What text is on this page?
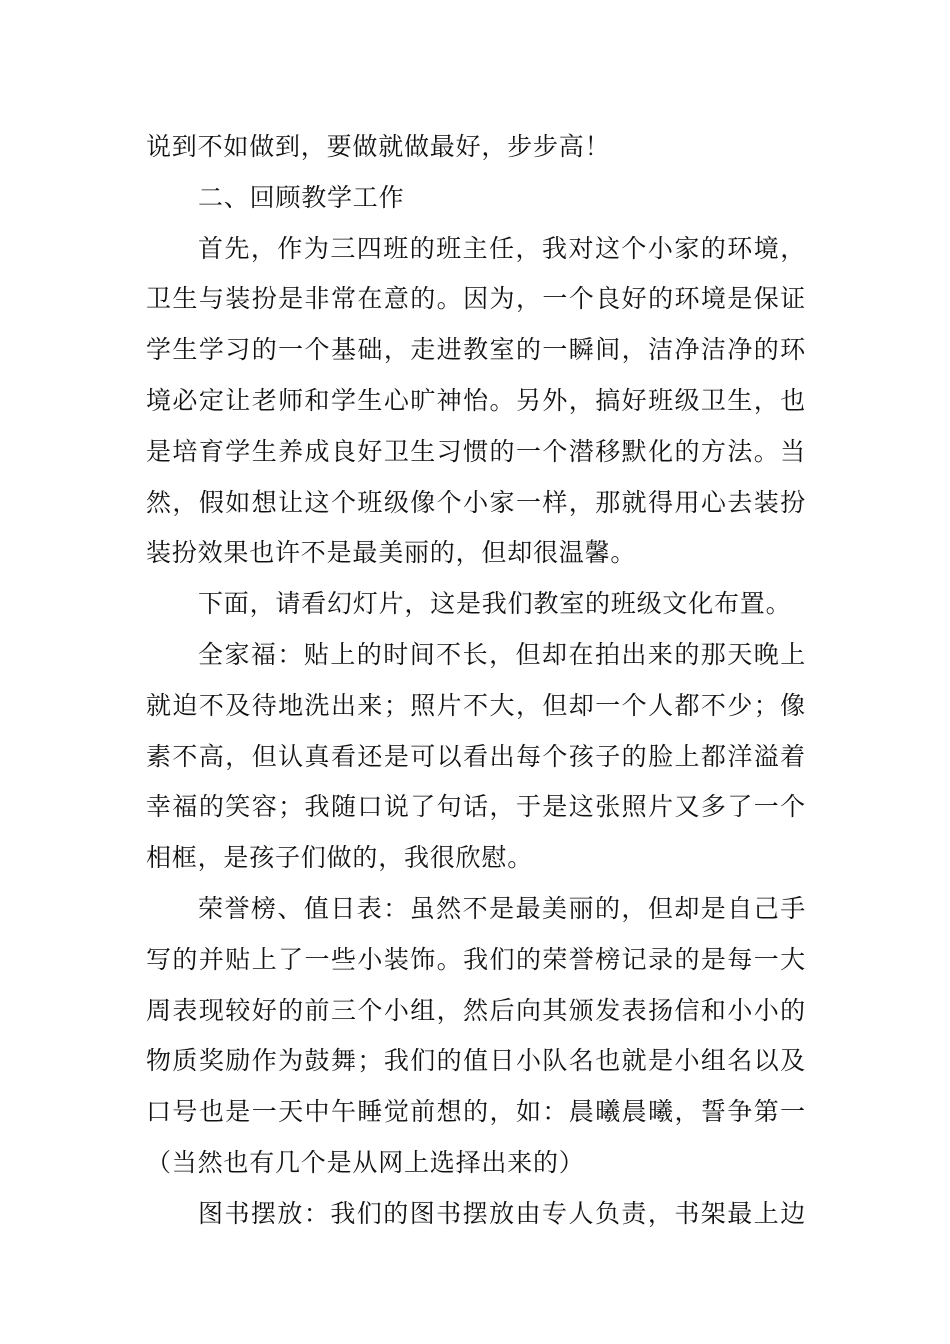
说到不如做到，要做就做最好，步步高！
二、回顾教学工作
首先，作为三四班的班主任，我对这个小家的环境，
卫生与装扮是非常在意的。因为，一个良好的环境是保证
学生学习的一个基础，走进教室的一瞬间，洁净洁净的环
境必定让老师和学生心旷神怡。另外，搞好班级卫生，也
是培育学生养成良好卫生习惯的一个潜移默化的方法。当
然，假如想让这个班级像个小家一样，那就得用心去装扮
装扮效果也许不是最美丽的，但却很温馨。
下面，请看幻灯片，这是我们教室的班级文化布置。
全家福：贴上的时间不长，但却在拍出来的那天晚上
就迫不及待地洗出来；照片不大，但却一个人都不少；像
素不高，但认真看还是可以看出每个孩子的脸上都洋溢着
幸福的笑容；我随口说了句话，于是这张照片又多了一个
相框，是孩子们做的，我很欣慰。
荣誉榜、值日表：虽然不是最美丽的，但却是自己手
写的并贴上了一些小装饰。我们的荣誉榜记录的是每一大
周表现较好的前三个小组，然后向其颁发表扬信和小小的
物质奖励作为鼓舞；我们的值日小队名也就是小组名以及
口号也是一天中午睡觉前想的，如：晨曦晨曦，誓争第一
（当然也有几个是从网上选择出来的）
图书摆放：我们的图书摆放由专人负责，书架最上边
